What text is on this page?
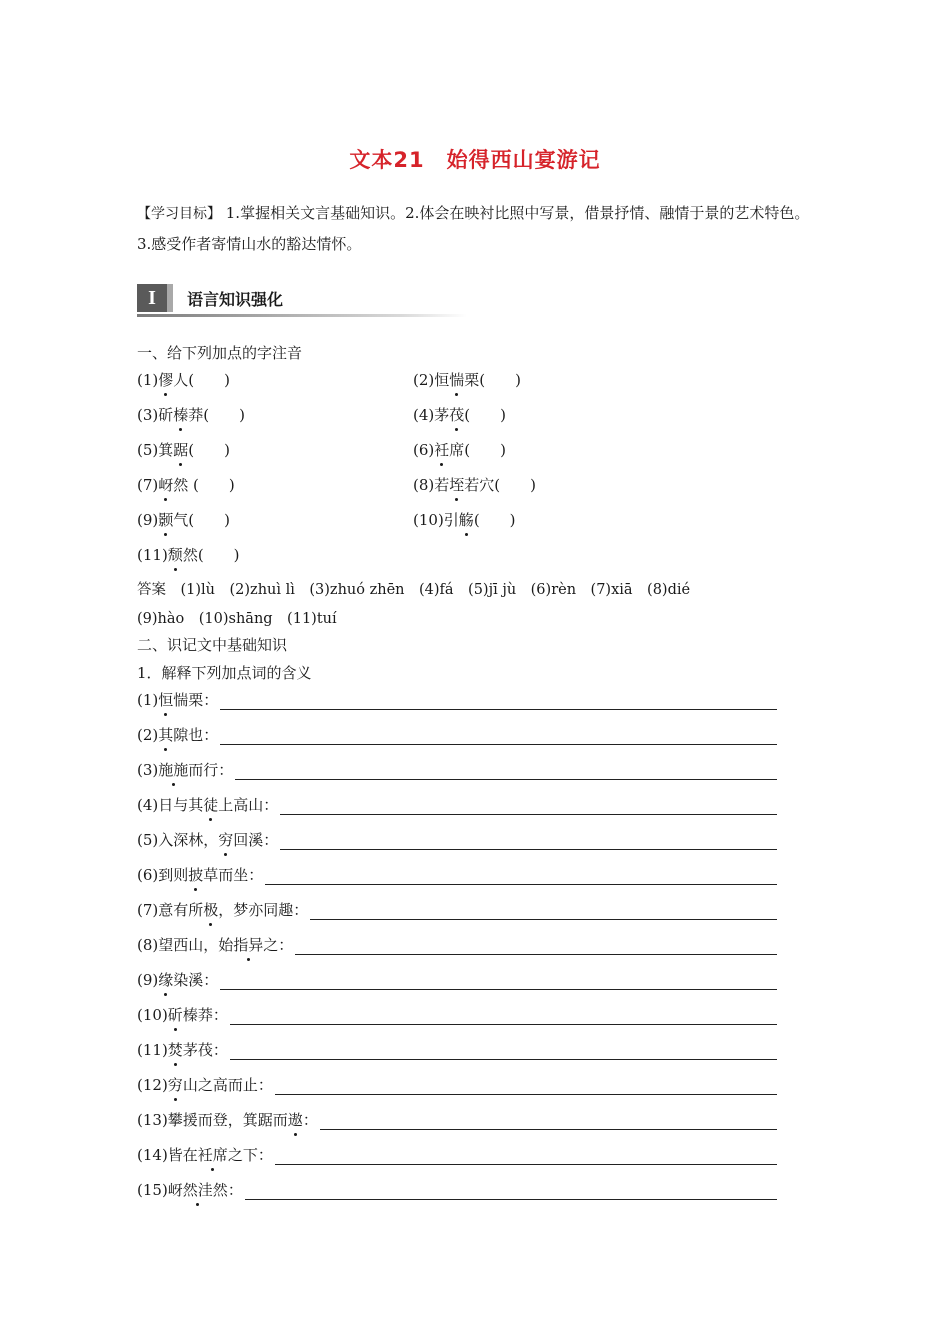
文本21　始得西山宴游记
【学习目标】 1.掌握相关文言基础知识。2.体会在映衬比照中写景，借景抒情、融情于景的艺术特色。3.感受作者寄情山水的豁达情怀。
I	语言知识强化
一、给下列加点的字注音
(1)僇人(　　)	(2)恒惴栗(　　)
(3)斫榛莽(　　)	(4)茅茷(　　)
(5)箕踞(　　)	(6)衽席(　　)
(7)岈然 (　　)	(8)若垤若穴(　　)
(9)颢气(　　)	(10)引觞(　　)
(11)颓然(　　)
答案　 (1)lù　(2)zhuì lì　(3)zhuó zhēn　(4)fá　(5)jī jù　(6)rèn　(7)xiā　(8)dié
(9)hào　(10)shāng　(11)tuí
二、识记文中基础知识
1．解释下列加点词的含义
(1)恒惴栗：
(2)其隙也：
(3)施施而行：
(4)日与其徒上高山：
(5)入深林，穷回溪：
(6)到则披草而坐：
(7)意有所极，梦亦同趣：
(8)望西山，始指异之：
(9)缘染溪：
(10)斫榛莽：
(11)焚茅茷：
(12)穷山之高而止：
(13)攀援而登，箕踞而遨：
(14)皆在衽席之下：
(15)岈然洼然：
